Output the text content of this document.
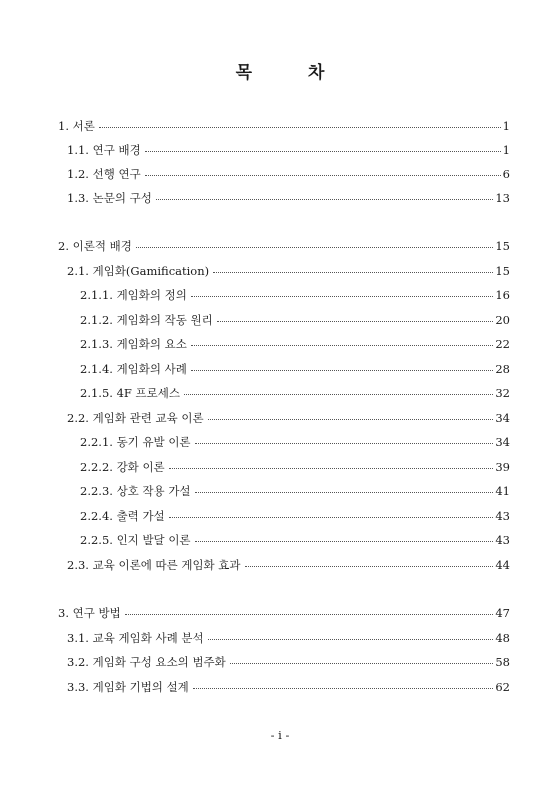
목	차
1. 서론	1
1.1. 연구 배경	1
1.2. 선행 연구	6
1.3. 논문의 구성	13
2. 이론적 배경	15
2.1. 게임화(Gamification)	15
2.1.1. 게임화의 정의	16
2.1.2. 게임화의 작동 원리	20
2.1.3. 게임화의 요소	22
2.1.4. 게임화의 사례	28
2.1.5. 4F 프로세스	32
2.2. 게임화 관련 교육 이론	34
2.2.1. 동기 유발 이론	34
2.2.2. 강화 이론	39
2.2.3. 상호 작용 가설	41
2.2.4. 출력 가설	43
2.2.5. 인지 발달 이론	43
2.3. 교육 이론에 따른 게임화 효과	44
3. 연구 방법	47
3.1. 교육 게임화 사례 분석	48
3.2. 게임화 구성 요소의 범주화	58
3.3. 게임화 기법의 설계	62
- i -
